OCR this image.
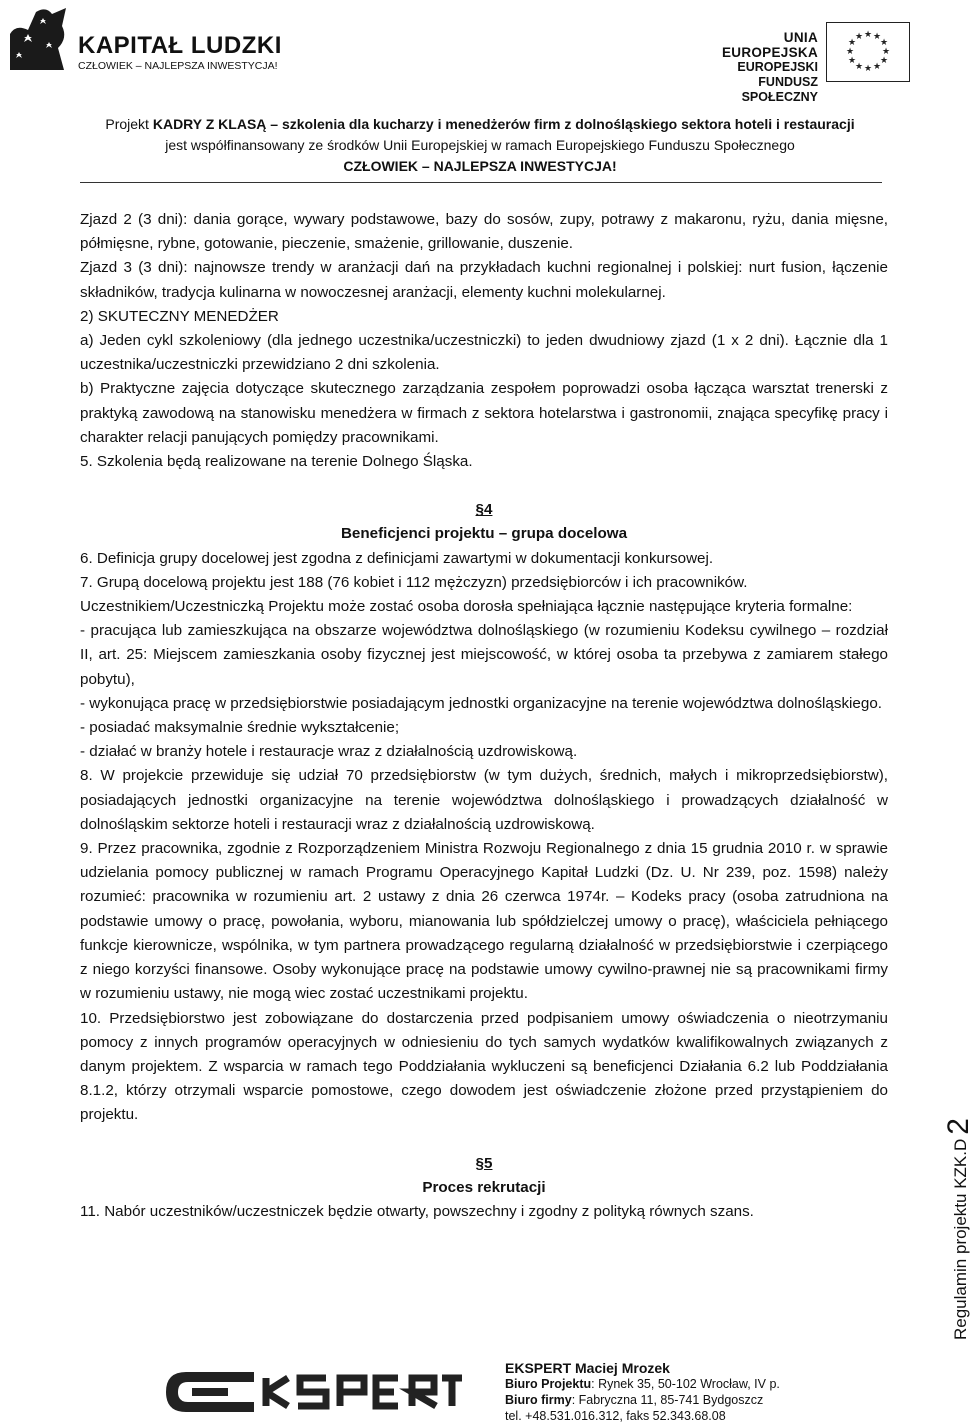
KAPITAŁ LUDZKI
CZŁOWIEK – NAJLEPSZA INWESTYCJA!
UNIA EUROPEJSKA
EUROPEJSKI
FUNDUSZ SPOŁECZNY
★ ★
★
★
★
★
★
★
★
★
★
★
Projekt KADRY Z KLASĄ – szkolenia dla kucharzy i menedżerów firm z dolnośląskiego sektora hoteli i restauracji
jest współfinansowany ze środków Unii Europejskiej w ramach Europejskiego Funduszu Społecznego
CZŁOWIEK – NAJLEPSZA INWESTYCJA!

Zjazd 2 (3 dni): dania gorące, wywary podstawowe, bazy do sosów, zupy, potrawy z makaronu, ryżu, dania mięsne, półmięsne, rybne, gotowanie, pieczenie, smażenie, grillowanie, duszenie.

Zjazd 3 (3 dni): najnowsze trendy w aranżacji dań na przykładach kuchni regionalnej i polskiej: nurt fusion, łączenie składników, tradycja kulinarna w nowoczesnej aranżacji, elementy kuchni molekularnej.

2) SKUTECZNY MENEDŻER

a) Jeden cykl szkoleniowy (dla jednego uczestnika/uczestniczki) to jeden dwudniowy zjazd (1 x 2 dni). Łącznie dla 1 uczestnika/uczestniczki przewidziano 2 dni szkolenia.

b) Praktyczne zajęcia dotyczące skutecznego zarządzania zespołem poprowadzi osoba łącząca warsztat trenerski z praktyką zawodową na stanowisku menedżera w firmach z sektora hotelarstwa i gastronomii, znająca specyfikę pracy i charakter relacji panujących pomiędzy pracownikami.

5. Szkolenia będą realizowane na terenie Dolnego Śląska.

§4

Beneficjenci projektu – grupa docelowa

6. Definicja grupy docelowej jest zgodna z definicjami zawartymi w dokumentacji konkursowej.

7. Grupą docelową projektu jest 188 (76 kobiet i 112 mężczyzn) przedsiębiorców i ich pracowników.

Uczestnikiem/Uczestniczką Projektu może zostać osoba dorosła spełniająca łącznie następujące kryteria formalne:

- pracująca lub zamieszkująca na obszarze województwa dolnośląskiego (w rozumieniu Kodeksu cywilnego – rozdział II, art. 25: Miejscem zamieszkania osoby fizycznej jest miejscowość, w której osoba ta przebywa z zamiarem stałego pobytu),

- wykonująca pracę w przedsiębiorstwie posiadającym jednostki organizacyjne na terenie województwa dolnośląskiego.

- posiadać maksymalnie średnie wykształcenie;

- działać w branży hotele i restauracje wraz z działalnością uzdrowiskową.

8. W projekcie przewiduje się udział 70 przedsiębiorstw (w tym dużych, średnich, małych i mikroprzedsiębiorstw), posiadających jednostki organizacyjne na terenie województwa dolnośląskiego i prowadzących działalność w dolnośląskim sektorze hoteli i restauracji wraz z działalnością uzdrowiskową.

9. Przez pracownika, zgodnie z Rozporządzeniem Ministra Rozwoju Regionalnego z dnia 15 grudnia 2010 r. w sprawie udzielania pomocy publicznej w ramach Programu Operacyjnego Kapitał Ludzki (Dz. U. Nr 239, poz. 1598) należy rozumieć: pracownika w rozumieniu art. 2 ustawy z dnia 26 czerwca 1974r. – Kodeks pracy (osoba zatrudniona na podstawie umowy o pracę, powołania, wyboru, mianowania lub spółdzielczej umowy o pracę), właściciela pełniącego funkcje kierownicze, wspólnika, w tym partnera prowadzącego regularną działalność w przedsiębiorstwie i czerpiącego z niego korzyści finansowe. Osoby wykonujące pracę na podstawie umowy cywilno-prawnej nie są pracownikami firmy w rozumieniu ustawy, nie mogą wiec zostać uczestnikami projektu.

10. Przedsiębiorstwo jest zobowiązane do dostarczenia przed podpisaniem umowy oświadczenia o nieotrzymaniu pomocy z innych programów operacyjnych w odniesieniu do tych samych wydatków kwalifikowalnych związanych z danym projektem. Z wsparcia w ramach tego Poddziałania wykluczeni są beneficjenci Działania 6.2 lub Poddziałania 8.1.2, którzy otrzymali wsparcie pomostowe, czego dowodem jest oświadczenie złożone przed przystąpieniem do projektu.

§5

Proces rekrutacji

11. Nabór uczestników/uczestniczek będzie otwarty, powszechny i zgodny z polityką równych szans.	Regulamin projektu KZK.D2
EKSPERT Maciej Mrozek
Biuro Projektu: Rynek 35, 50-102 Wrocław, IV p.
Biuro firmy: Fabryczna 11, 85-741 Bydgoszcz
tel. +48.531.016.312, faks 52.343.68.08
